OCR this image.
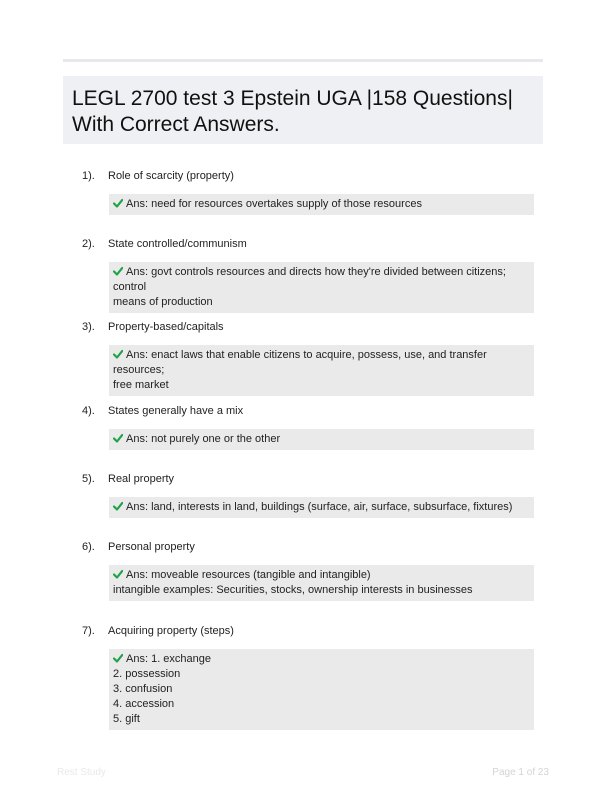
LEGL 2700 test 3 Epstein UGA |158 Questions| With Correct Answers.
1). Role of scarcity (property)
Ans: need for resources overtakes supply of those resources
2). State controlled/communism
Ans: govt controls resources and directs how they're divided between citizens; control
means of production
3). Property-based/capitals
Ans: enact laws that enable citizens to acquire, possess, use, and transfer resources;
free market
4). States generally have a mix
Ans: not purely one or the other
5). Real property
Ans: land, interests in land, buildings (surface, air, surface, subsurface, fixtures)
6). Personal property
Ans: moveable resources (tangible and intangible)
intangible examples: Securities, stocks, ownership interests in businesses
7). Acquiring property (steps)
Ans: 1. exchange
2. possession
3. confusion
4. accession
5. gift
Rest Study	Page 1 of 23
